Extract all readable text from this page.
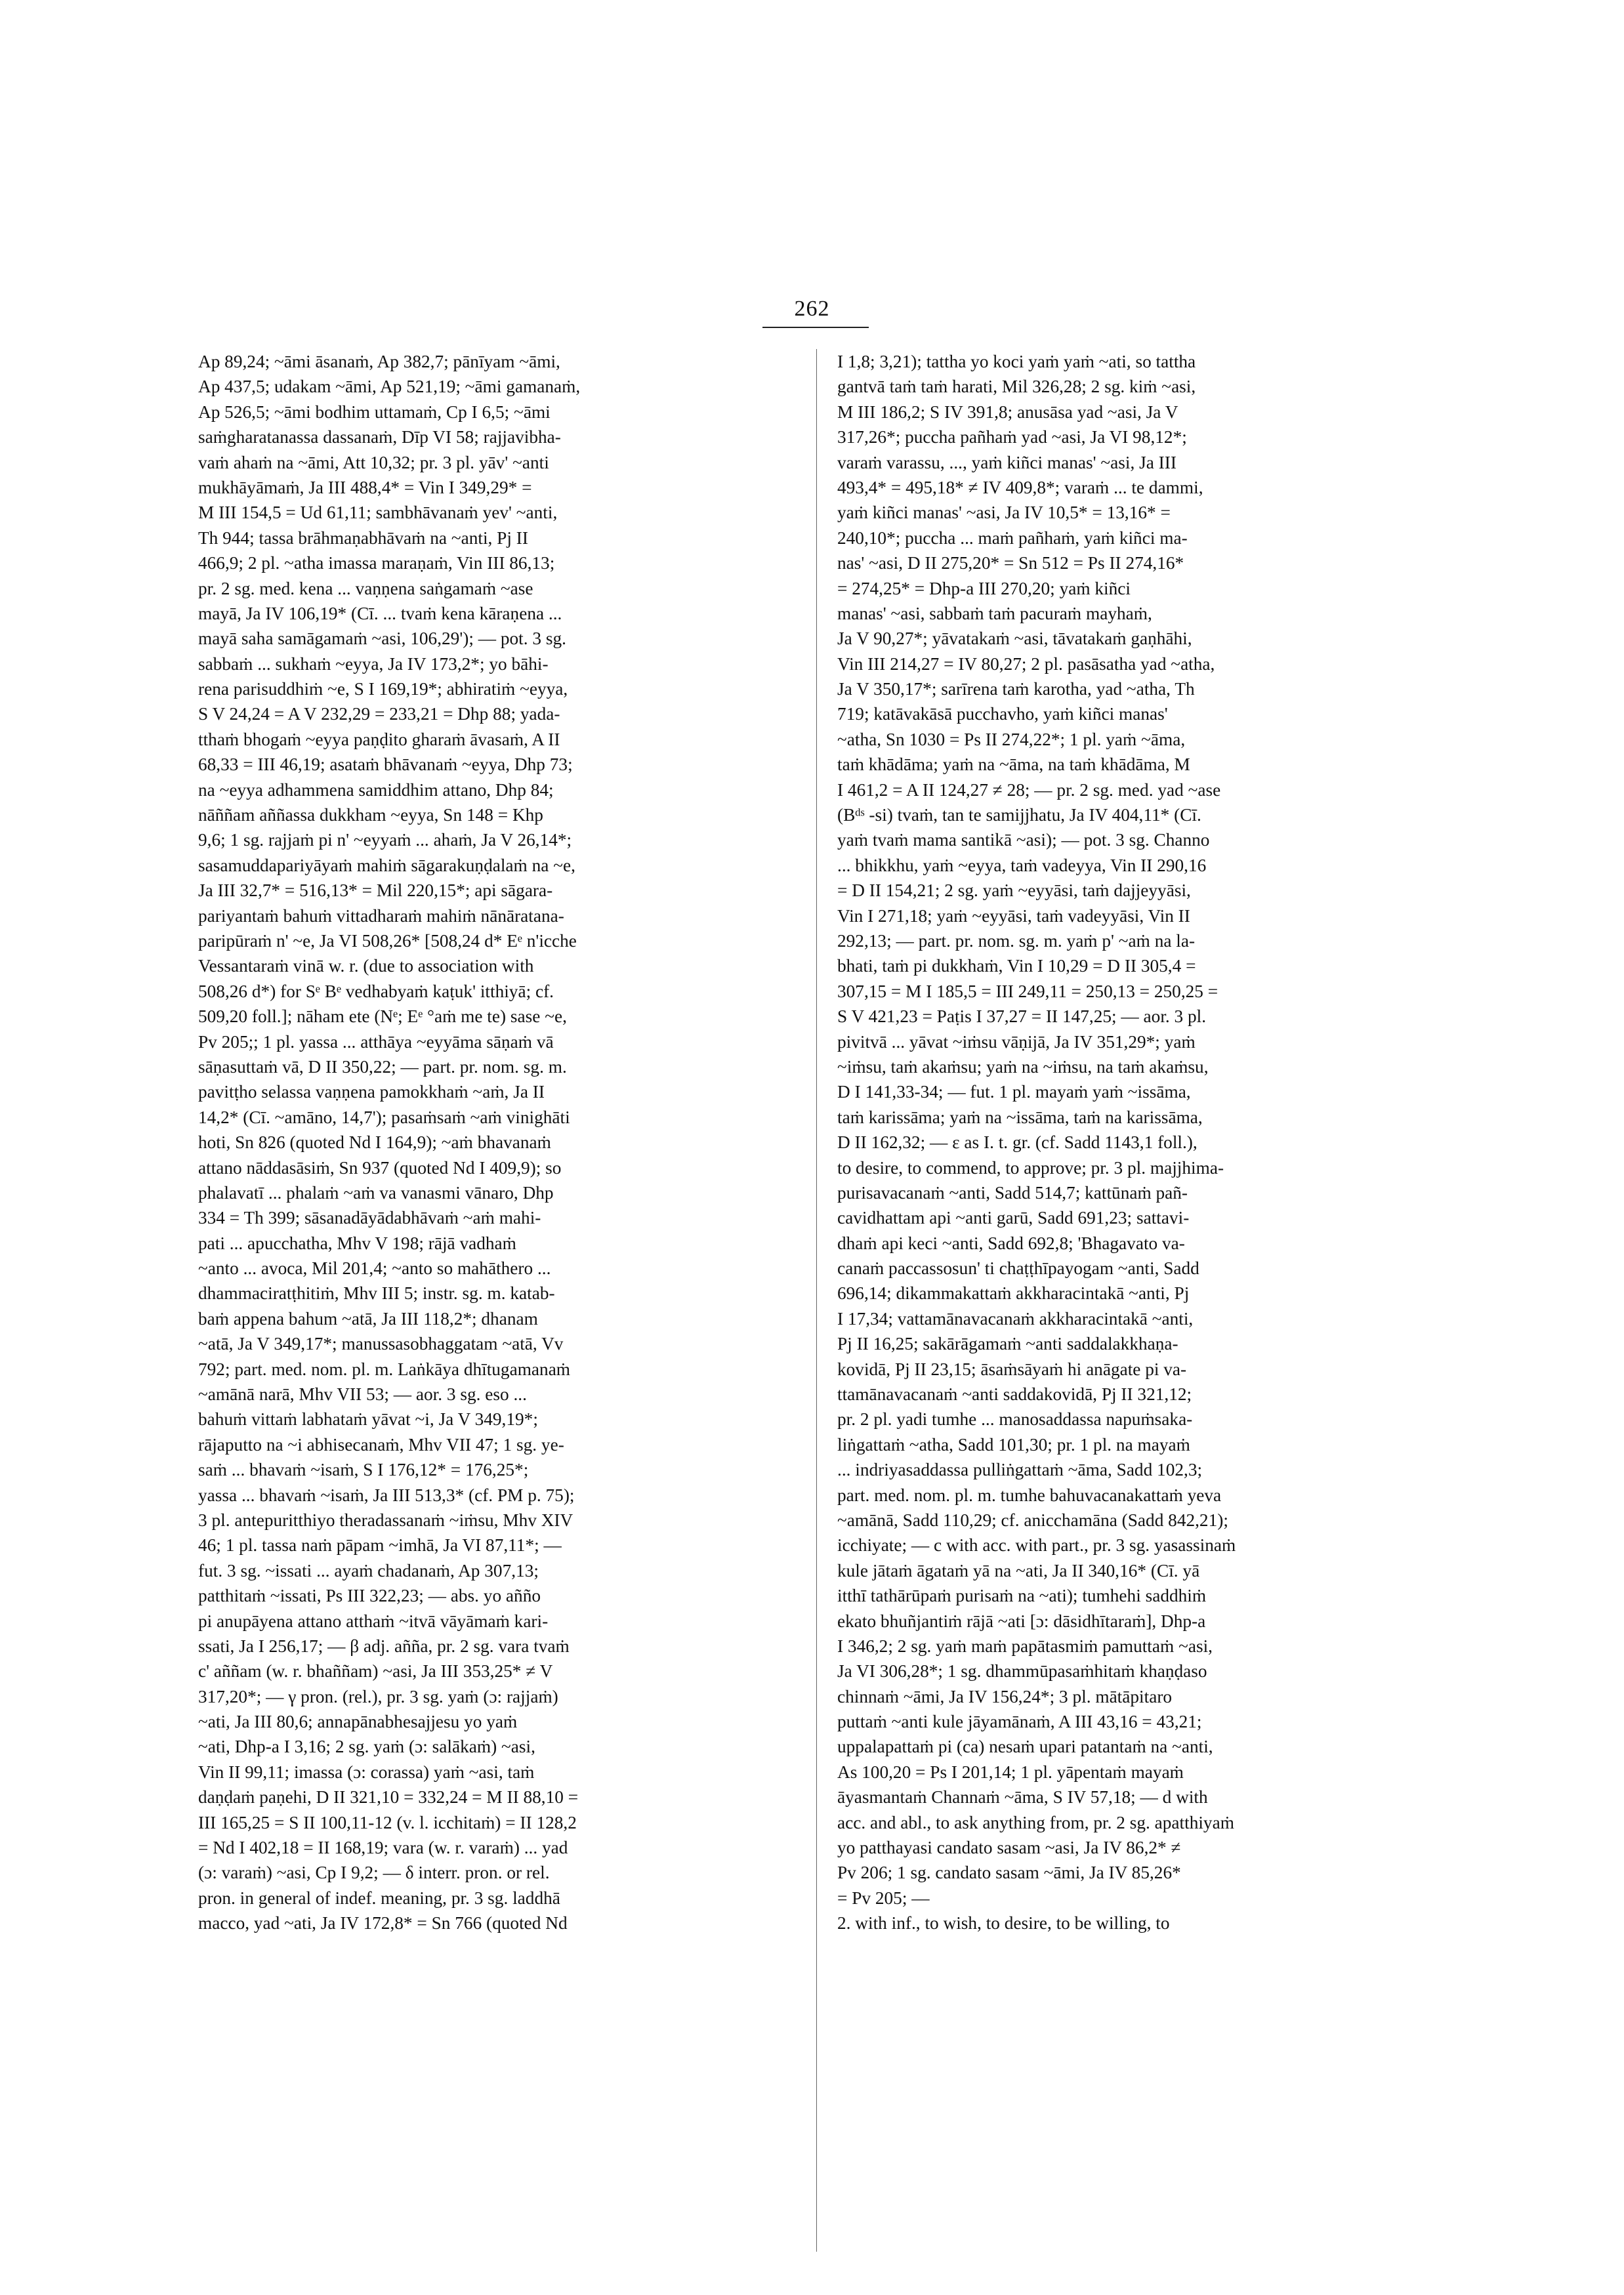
262
Ap 89,24; ~āmi āsanaṁ, Ap 382,7; pānīyam ~āmi,
Ap 437,5; udakam ~āmi, Ap 521,19; ~āmi gamanaṁ,
Ap 526,5; ~āmi bodhim uttamaṁ, Cp I 6,5; ~āmi
saṁgharatanassa dassanaṁ, Dīp VI 58; rajjavibha-
vaṁ ahaṁ na ~āmi, Att 10,32; pr. 3 pl. yāv' ~anti
mukhāyāmaṁ, Ja III 488,4* = Vin I 349,29* =
M III 154,5 = Ud 61,11; sambhāvanaṁ yev' ~anti,
Th 944; tassa brāhmaṇabhāvaṁ na ~anti, Pj II
466,9; 2 pl. ~atha imassa maraṇaṁ, Vin III 86,13;
pr. 2 sg. med. kena ... vaṇṇena saṅgamaṁ ~ase
mayā, Ja IV 106,19* (Cī. ... tvaṁ kena kāraṇena ...
mayā saha samāgamaṁ ~asi, 106,29'); — pot. 3 sg.
sabbaṁ ... sukhaṁ ~eyya, Ja IV 173,2*; yo bāhi-
rena parisuddhiṁ ~e, S I 169,19*; abhiratiṁ ~eyya,
S V 24,24 = A V 232,29 = 233,21 = Dhp 88; yada-
tthaṁ bhogaṁ ~eyya paṇḍito gharaṁ āvasaṁ, A II
68,33 = III 46,19; asataṁ bhāvanaṁ ~eyya, Dhp 73;
na ~eyya adhammena samiddhim attano, Dhp 84;
nāññam aññassa dukkham ~eyya, Sn 148 = Khp
9,6; 1 sg. rajjaṁ pi n' ~eyyaṁ ... ahaṁ, Ja V 26,14*;
sasamuddapariyāyaṁ mahiṁ sāgarakuṇḍalaṁ na ~e,
Ja III 32,7* = 516,13* = Mil 220,15*; api sāgara-
pariyantaṁ bahuṁ vittadharaṁ mahiṁ nānāratana-
paripūraṁ n' ~e, Ja VI 508,26* [508,24 d* Eᵉ n'icche
Vessantaraṁ vinā w. r. (due to association with
508,26 d*) for Sᵉ Bᵉ vedhabyaṁ kaṭuk' itthiyā; cf.
509,20 foll.]; nāham ete (Nᵉ; Eᵉ °aṁ me te) sase ~e,
Pv 205;; 1 pl. yassa ... atthāya ~eyyāma sāṇaṁ vā
sāṇasuttaṁ vā, D II 350,22; — part. pr. nom. sg. m.
pavitṭho selassa vaṇṇena pamokkhaṁ ~aṁ, Ja II
14,2* (Cī. ~amāno, 14,7'); pasaṁsaṁ ~aṁ vinighāti
hoti, Sn 826 (quoted Nd I 164,9); ~aṁ bhavanaṁ
attano nāddasāsiṁ, Sn 937 (quoted Nd I 409,9); so
phalavatī ... phalaṁ ~aṁ va vanasmi vānaro, Dhp
334 = Th 399; sāsanadāyādabhāvaṁ ~aṁ mahi-
pati ... apucchatha, Mhv V 198; rājā vadhaṁ
~anto ... avoca, Mil 201,4; ~anto so mahāthero ...
dhammaciratṭhitiṁ, Mhv III 5; instr. sg. m. katab-
baṁ appena bahum ~atā, Ja III 118,2*; dhanam
~atā, Ja V 349,17*; manussasobhaggatam ~atā, Vv
792; part. med. nom. pl. m. Laṅkāya dhītugamanaṁ
~amānā narā, Mhv VII 53; — aor. 3 sg. eso ...
bahuṁ vittaṁ labhataṁ yāvat ~i, Ja V 349,19*;
rājaputto na ~i abhisecanaṁ, Mhv VII 47; 1 sg. ye-
saṁ ... bhavaṁ ~isaṁ, S I 176,12* = 176,25*;
yassa ... bhavaṁ ~isaṁ, Ja III 513,3* (cf. PM p. 75);
3 pl. antepuritthiyo theradassanaṁ ~iṁsu, Mhv XIV
46; 1 pl. tassa naṁ pāpam ~imhā, Ja VI 87,11*; —
fut. 3 sg. ~issati ... ayaṁ chadanaṁ, Ap 307,13;
patthitaṁ ~issati, Ps III 322,23; — abs. yo añño
pi anupāyena attano atthaṁ ~itvā vāyāmaṁ kari-
ssati, Ja I 256,17; — β adj. añña, pr. 2 sg. vara tvaṁ
c' aññam (w. r. bhaññam) ~asi, Ja III 353,25* ≠ V
317,20*; — γ pron. (rel.), pr. 3 sg. yaṁ (ɔ: rajjaṁ)
~ati, Ja III 80,6; annapānabhesajjesu yo yaṁ
~ati, Dhp-a I 3,16; 2 sg. yaṁ (ɔ: salākaṁ) ~asi,
Vin II 99,11; imassa (ɔ: corassa) yaṁ ~asi, taṁ
daṇḍaṁ paṇehi, D II 321,10 = 332,24 = M II 88,10 =
III 165,25 = S II 100,11-12 (v. l. icchitaṁ) = II 128,2
= Nd I 402,18 = II 168,19; vara (w. r. varaṁ) ... yad
(ɔ: varaṁ) ~asi, Cp I 9,2; — δ interr. pron. or rel.
pron. in general of indef. meaning, pr. 3 sg. laddhā
macco, yad ~ati, Ja IV 172,8* = Sn 766 (quoted Nd
I 1,8; 3,21); tattha yo koci yaṁ yaṁ ~ati, so tattha
gantvā taṁ taṁ harati, Mil 326,28; 2 sg. kiṁ ~asi,
M III 186,2; S IV 391,8; anusāsa yad ~asi, Ja V
317,26*; puccha pañhaṁ yad ~asi, Ja VI 98,12*;
varaṁ varassu, ..., yaṁ kiñci manas' ~asi, Ja III
493,4* = 495,18* ≠ IV 409,8*; varaṁ ... te dammi,
yaṁ kiñci manas' ~asi, Ja IV 10,5* = 13,16* =
240,10*; puccha ... maṁ pañhaṁ, yaṁ kiñci ma-
nas' ~asi, D II 275,20* = Sn 512 = Ps II 274,16*
= 274,25* = Dhp-a III 270,20; yaṁ kiñci
manas' ~asi, sabbaṁ taṁ pacuraṁ mayhaṁ,
Ja V 90,27*; yāvatakaṁ ~asi, tāvatakaṁ gaṇhāhi,
Vin III 214,27 = IV 80,27; 2 pl. pasāsatha yad ~atha,
Ja V 350,17*; sarīrena taṁ karotha, yad ~atha, Th
719; katāvakāsā pucchavho, yaṁ kiñci manas'
~atha, Sn 1030 = Ps II 274,22*; 1 pl. yaṁ ~āma,
taṁ khādāma; yaṁ na ~āma, na taṁ khādāma, M
I 461,2 = A II 124,27 ≠ 28; — pr. 2 sg. med. yad ~ase
(Bᵈˢ -si) tvaṁ, tan te samijjhatu, Ja IV 404,11* (Cī.
yaṁ tvaṁ mama santikā ~asi); — pot. 3 sg. Channo
... bhikkhu, yaṁ ~eyya, taṁ vadeyya, Vin II 290,16
= D II 154,21; 2 sg. yaṁ ~eyyāsi, taṁ dajjeyyāsi,
Vin I 271,18; yaṁ ~eyyāsi, taṁ vadeyyāsi, Vin II
292,13; — part. pr. nom. sg. m. yaṁ p' ~aṁ na la-
bhati, taṁ pi dukkhaṁ, Vin I 10,29 = D II 305,4 =
307,15 = M I 185,5 = III 249,11 = 250,13 = 250,25 =
S V 421,23 = Paṭis I 37,27 = II 147,25; — aor. 3 pl.
pivitvā ... yāvat ~iṁsu vāṇijā, Ja IV 351,29*; yaṁ
~iṁsu, taṁ akaṁsu; yaṁ na ~iṁsu, na taṁ akaṁsu,
D I 141,33-34; — fut. 1 pl. mayaṁ yaṁ ~issāma,
taṁ karissāma; yaṁ na ~issāma, taṁ na karissāma,
D II 162,32; — ε as I. t. gr. (cf. Sadd 1143,1 foll.),
to desire, to commend, to approve; pr. 3 pl. majjhima-
purisavacanaṁ ~anti, Sadd 514,7; kattūnaṁ pañ-
cavidhattam api ~anti garū, Sadd 691,23; sattavi-
dhaṁ api keci ~anti, Sadd 692,8; 'Bhagavato va-
canaṁ paccassosun' ti chaṭṭhīpayogam ~anti, Sadd
696,14; dikammakattaṁ akkharacintakā ~anti, Pj
I 17,34; vattamānavacanaṁ akkharacintakā ~anti,
Pj II 16,25; sakārāgamaṁ ~anti saddalakkhaṇa-
kovidā, Pj II 23,15; āsaṁsāyaṁ hi anāgate pi va-
ttamānavacanaṁ ~anti saddakovidā, Pj II 321,12;
pr. 2 pl. yadi tumhe ... manosaddassa napuṁsaka-
liṅgattaṁ ~atha, Sadd 101,30; pr. 1 pl. na mayaṁ
... indriyasaddassa pulliṅgattaṁ ~āma, Sadd 102,3;
part. med. nom. pl. m. tumhe bahuvacanakattaṁ yeva
~amānā, Sadd 110,29; cf. anicchamāna (Sadd 842,21);
icchiyate; — c with acc. with part., pr. 3 sg. yasassinaṁ
kule jātaṁ āgataṁ yā na ~ati, Ja II 340,16* (Cī. yā
itthī tathārūpaṁ purisaṁ na ~ati); tumhehi saddhiṁ
ekato bhuñjantiṁ rājā ~ati [ɔ: dāsidhītaraṁ], Dhp-a
I 346,2; 2 sg. yaṁ maṁ papātasmiṁ pamuttaṁ ~asi,
Ja VI 306,28*; 1 sg. dhammūpasaṁhitaṁ khaṇḍaso
chinnaṁ ~āmi, Ja IV 156,24*; 3 pl. mātāpitaro
puttaṁ ~anti kule jāyamānaṁ, A III 43,16 = 43,21;
uppalapattaṁ pi (ca) nesaṁ upari patantaṁ na ~anti,
As 100,20 = Ps I 201,14; 1 pl. yāpentaṁ mayaṁ
āyasmantaṁ Channaṁ ~āma, S IV 57,18; — d with
acc. and abl., to ask anything from, pr. 2 sg. apatthiyaṁ
yo patthayasi candato sasam ~asi, Ja IV 86,2* ≠
Pv 206; 1 sg. candato sasam ~āmi, Ja IV 85,26*
= Pv 205; —
2. with inf., to wish, to desire, to be willing, to
